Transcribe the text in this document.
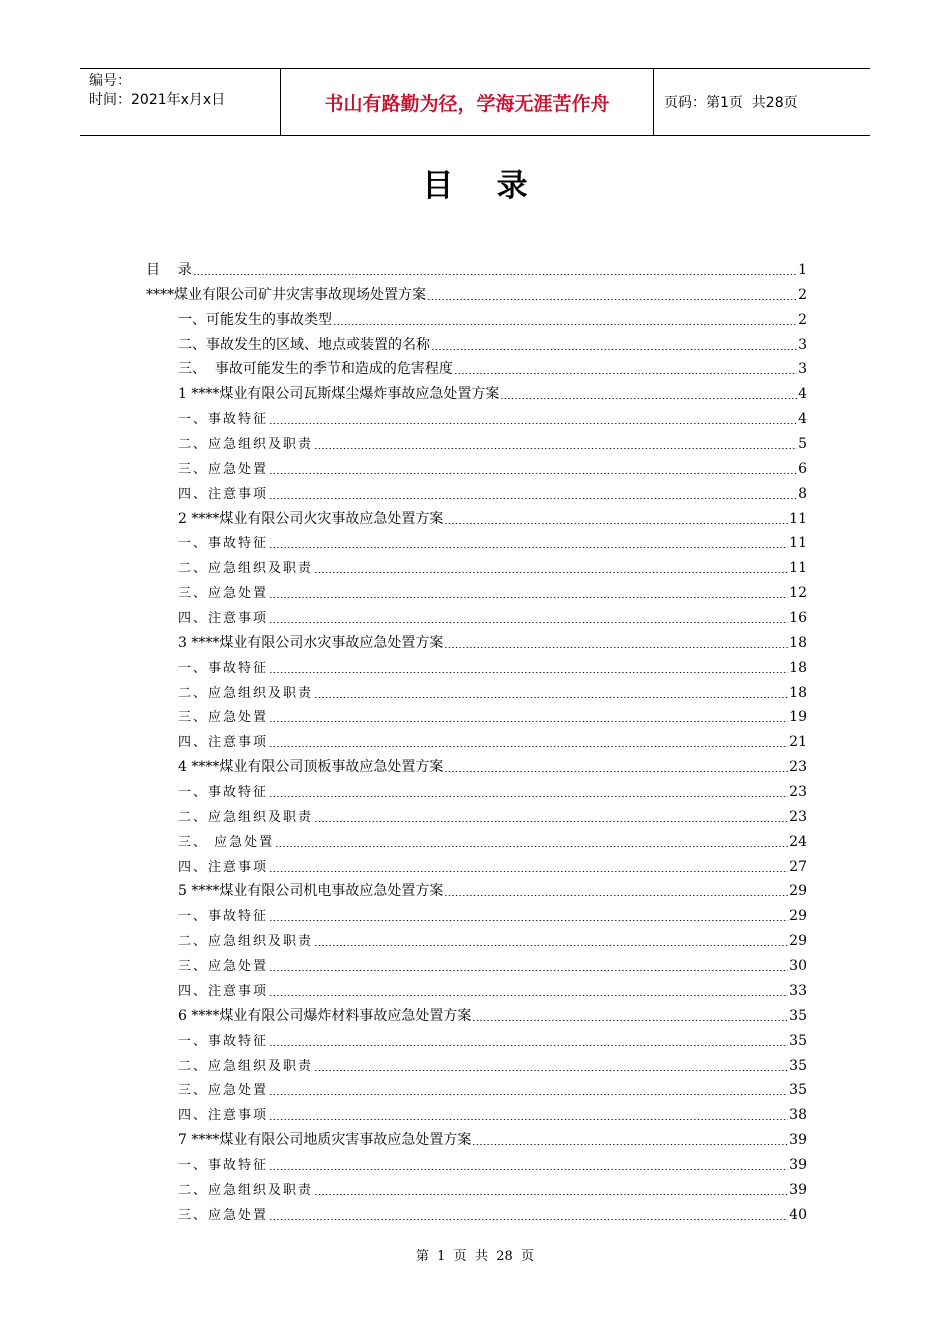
编号：
时间：2021年x月x日	书山有路勤为径，学海无涯苦作舟	页码：第1页  共28页
目    录
目    录	1
****煤业有限公司矿井灾害事故现场处置方案	2
一、可能发生的事故类型	2
二、事故发生的区域、地点或装置的名称	3
三、  事故可能发生的季节和造成的危害程度	3
1 ****煤业有限公司瓦斯煤尘爆炸事故应急处置方案	4
一、事故特征	4
二、应急组织及职责	5
三、应急处置	6
四、注意事项	8
2 ****煤业有限公司火灾事故应急处置方案	11
一、事故特征	11
二、应急组织及职责	11
三、应急处置	12
四、注意事项	16
3 ****煤业有限公司水灾事故应急处置方案	18
一、事故特征	18
二、应急组织及职责	18
三、应急处置	19
四、注意事项	21
4 ****煤业有限公司顶板事故应急处置方案	23
一、事故特征	23
二、应急组织及职责	23
三、 应急处置	24
四、注意事项	27
5 ****煤业有限公司机电事故应急处置方案	29
一、事故特征	29
二、应急组织及职责	29
三、应急处置	30
四、注意事项	33
6 ****煤业有限公司爆炸材料事故应急处置方案	35
一、事故特征	35
二、应急组织及职责	35
三、应急处置	35
四、注意事项	38
7 ****煤业有限公司地质灾害事故应急处置方案	39
一、事故特征	39
二、应急组织及职责	39
三、应急处置	40
第  1  页  共  28  页
